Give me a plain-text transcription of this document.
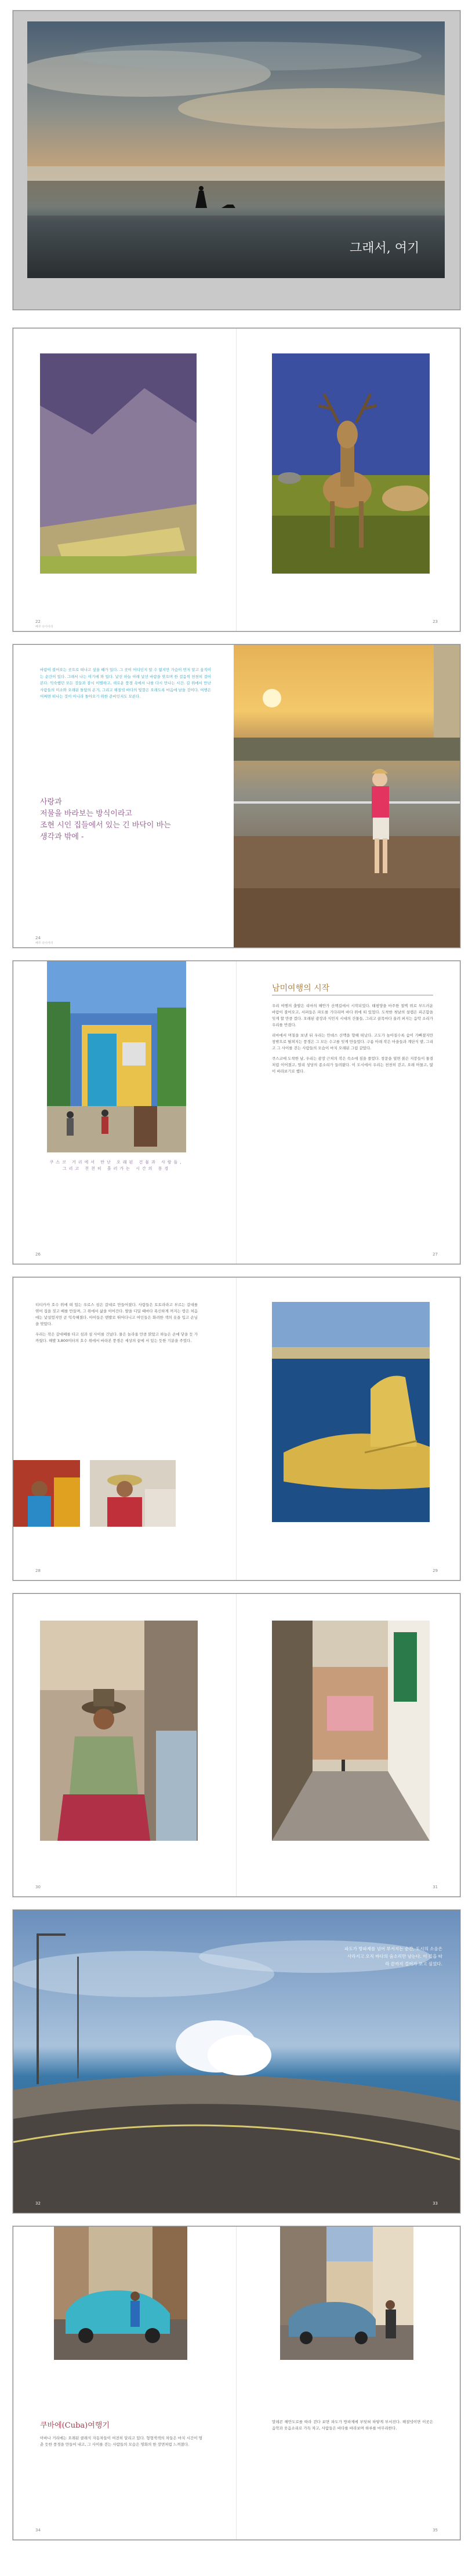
그래서, 여기
22
페루 다이어리
23
바람이 불어오는 곳으로 떠나고 싶을 때가 있다. 그 곳이 어디인지 알 수 없지만 가슴이 먼저 알고 움직이는 순간이 있다. 그래서 나는 여기에 와 있다. 낯선 하늘 아래 낯선 바람을 맞으며 한 걸음씩 천천히 걸어본다. 익숙했던 모든 것들과 잠시 이별하고, 새로운 풍경 속에서 나를 다시 만나는 시간. 길 위에서 만난 사람들의 미소와 오래된 돌담의 온기, 그리고 해질녘 바다의 빛깔은 오래도록 마음에 남을 것이다. 여행은 어쩌면 떠나는 것이 아니라 돌아오기 위한 준비인지도 모른다.
사랑과
저물을 바라보는 방식이라고
조현 시인 집들에서 있는 긴 바닥이 바는
생각과 밖에 -
24
페루 다이어리
쿠스코 거리에서 만난 오래된 건물과 사람들, 그리고 천천히 흘러가는 시간의 풍경
남미여행의 시작

우리 여행의 출발은 리마의 해안가 산책길에서 시작되었다. 태평양을 마주한 절벽 위로 부드러운 바람이 불어오고, 서퍼들은 파도를 기다리며 바다 위에 떠 있었다. 도착한 첫날의 설렘은 피곤함을 잊게 할 만큼 컸다. 오래된 광장과 식민지 시대의 건물들, 그리고 골목마다 울려 퍼지는 음악 소리가 우리를 반겼다.

리마에서 며칠을 보낸 뒤 우리는 안데스 산맥을 향해 떠났다. 고도가 높아질수록 숨이 가빠졌지만 창밖으로 펼쳐지는 풍경은 그 모든 수고를 잊게 만들었다. 구름 아래 작은 마을들과 계단식 밭, 그리고 그 사이를 걷는 사람들의 모습이 마치 오래된 그림 같았다.

쿠스코에 도착한 날, 우리는 광장 근처의 작은 숙소에 짐을 풀었다. 창문을 열면 붉은 지붕들이 물결처럼 이어졌고, 멀리 성당의 종소리가 들려왔다. 이 도시에서 우리는 천천히 걷고, 오래 머물고, 많이 바라보기로 했다.

26	27

티티카카 호수 위에 떠 있는 우로스 섬은 갈대로 만들어졌다. 사람들은 토토라라고 부르는 갈대를 엮어 집을 짓고 배를 만들며, 그 위에서 삶을 이어간다. 발을 디딜 때마다 푹신하게 꺼지는 땅은 처음에는 낯설었지만 곧 익숙해졌다. 아이들은 맨발로 뛰어다니고 여인들은 화려한 색의 옷을 입고 손님을 맞았다.

우리는 작은 갈대배를 타고 섬과 섬 사이를 건넜다. 물은 놀라울 만큼 맑았고 하늘은 손에 닿을 듯 가까웠다. 해발 3,800미터의 호수 위에서 바라본 풍경은 세상의 끝에 서 있는 듯한 기분을 주었다.

28	29
30	31
파도가 방파제를 넘어 부서지는 순간, 도시의 소음은 사라지고 오직 바다의 숨소리만 남는다. 이 길을 따라 끝까지 걸어가 보고 싶었다.
32	33
쿠바에(Cuba)여행기
아바나 거리에는 오래된 클래식 자동차들이 여전히 달리고 있다. 형형색색의 차들은 마치 시간이 멈춘 듯한 풍경을 만들어 내고, 그 사이를 걷는 사람들의 모습은 영화의 한 장면처럼 느껴졌다.
말레콘 해안도로를 따라 걷다 보면 파도가 방파제에 부딪혀 하얗게 부서진다. 해질녘이면 이곳은 음악과 웃음소리로 가득 차고, 사람들은 바다를 바라보며 하루를 마무리한다.
34	35
